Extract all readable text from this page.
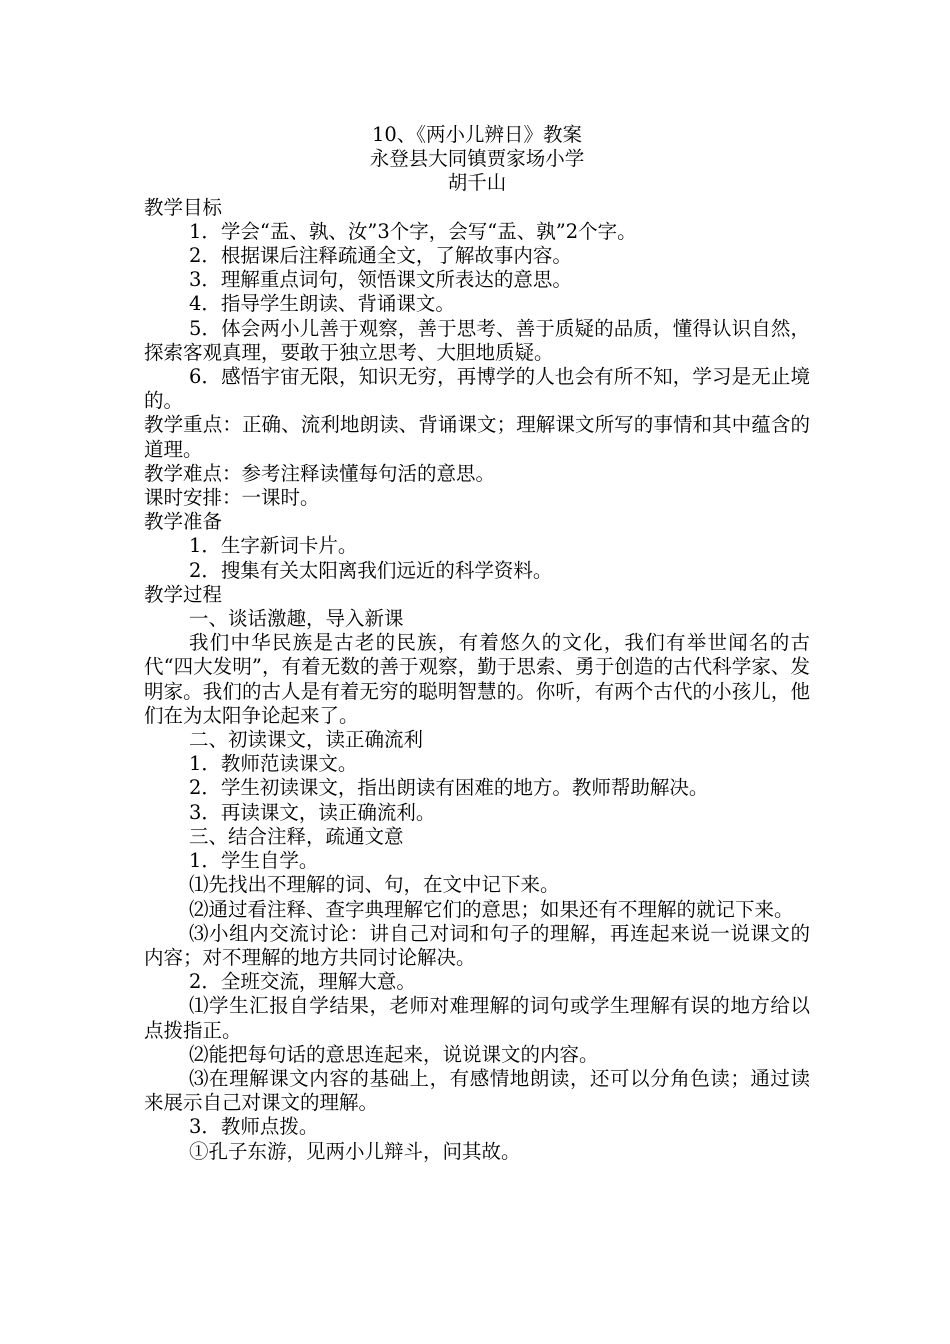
10、《两小儿辨日》教案
永登县大同镇贾家场小学
胡千山

教学目标

1．学会“盂、孰、汝”3个字，会写“盂、孰”2个字。

2．根据课后注释疏通全文，了解故事内容。

3．理解重点词句，领悟课文所表达的意思。

4．指导学生朗读、背诵课文。

5．体会两小儿善于观察，善于思考、善于质疑的品质，懂得认识自然，探索客观真理，要敢于独立思考、大胆地质疑。

6．感悟宇宙无限，知识无穷，再博学的人也会有所不知，学习是无止境的。

教学重点：正确、流利地朗读、背诵课文；理解课文所写的事情和其中蕴含的道理。

教学难点：参考注释读懂每句活的意思。

课时安排：一课时。

教学准备

1．生字新词卡片。

2．搜集有关太阳离我们远近的科学资料。

教学过程

一、谈话激趣，导入新课

我们中华民族是古老的民族，有着悠久的文化，我们有举世闻名的古代“四大发明”，有着无数的善于观察，勤于思索、勇于创造的古代科学家、发明家。我们的古人是有着无穷的聪明智慧的。你听，有两个古代的小孩儿，他们在为太阳争论起来了。

二、初读课文，读正确流利

1．教师范读课文。

2．学生初读课文，指出朗读有困难的地方。教师帮助解决。

3．再读课文，读正确流利。

三、结合注释，疏通文意

1．学生自学。

⑴先找出不理解的词、句，在文中记下来。

⑵通过看注释、查字典理解它们的意思；如果还有不理解的就记下来。

⑶小组内交流讨论：讲自己对词和句子的理解，再连起来说一说课文的内容；对不理解的地方共同讨论解决。

2．全班交流，理解大意。

⑴学生汇报自学结果，老师对难理解的词句或学生理解有误的地方给以点拨指正。

⑵能把每句话的意思连起来，说说课文的内容。

⑶在理解课文内容的基础上，有感情地朗读，还可以分角色读；通过读来展示自己对课文的理解。

3．教师点拨。

①孔子东游，见两小儿辩斗，问其故。
